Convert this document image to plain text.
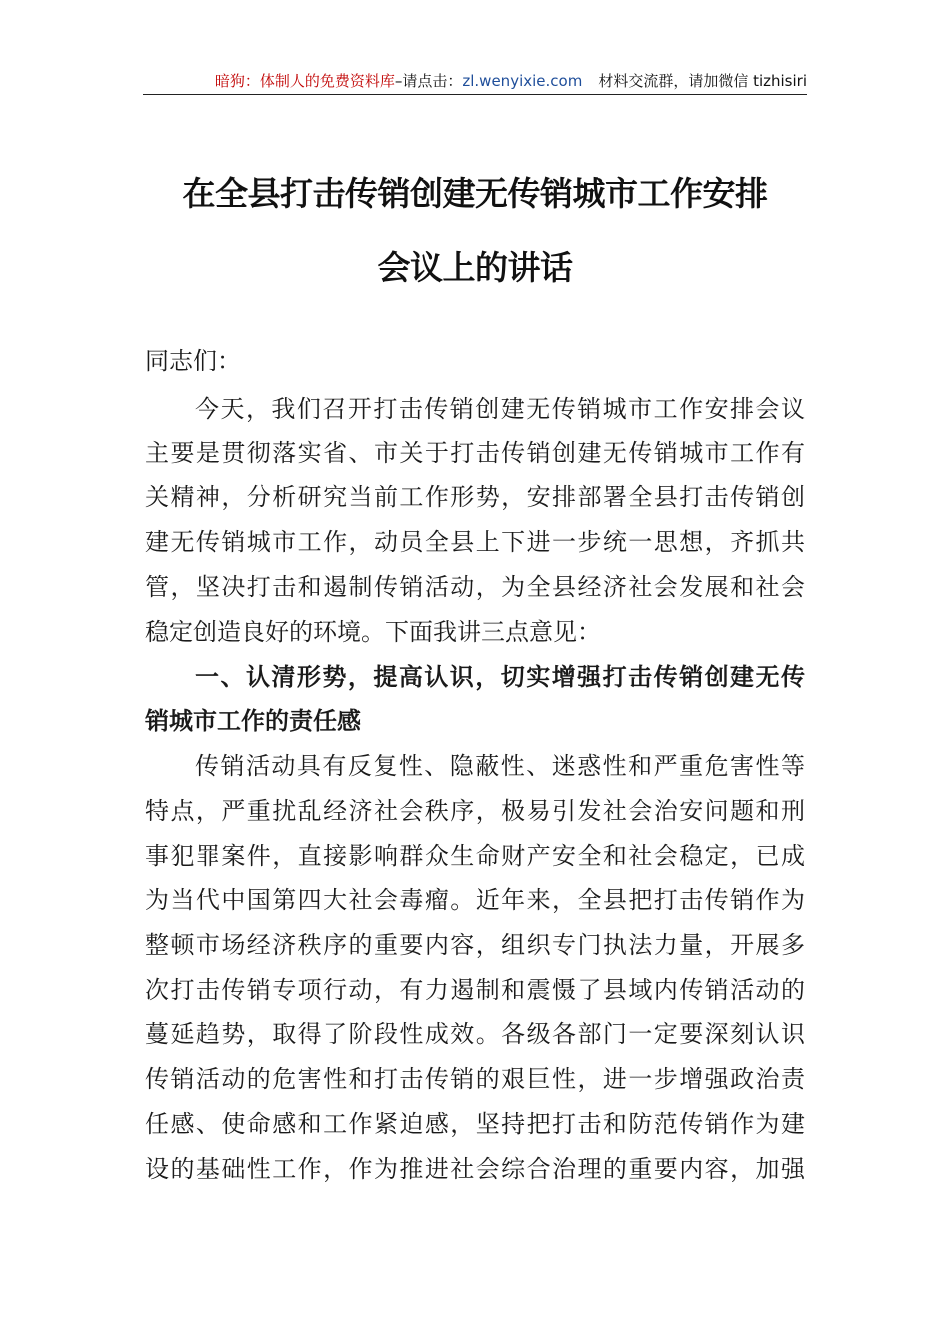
暗狗：体制人的免费资料库–请点击：zl.wenyixie.com 材料交流群，请加微信 tizhisiri
在全县打击传销创建无传销城市工作安排
会议上的讲话
同志们：
今天，我们召开打击传销创建无传销城市工作安排会议
主要是贯彻落实省、市关于打击传销创建无传销城市工作有
关精神，分析研究当前工作形势，安排部署全县打击传销创
建无传销城市工作，动员全县上下进一步统一思想，齐抓共
管，坚决打击和遏制传销活动，为全县经济社会发展和社会
稳定创造良好的环境。下面我讲三点意见：
一、认清形势，提高认识，切实增强打击传销创建无传
销城市工作的责任感
传销活动具有反复性、隐蔽性、迷惑性和严重危害性等
特点，严重扰乱经济社会秩序，极易引发社会治安问题和刑
事犯罪案件，直接影响群众生命财产安全和社会稳定，已成
为当代中国第四大社会毒瘤。近年来，全县把打击传销作为
整顿市场经济秩序的重要内容，组织专门执法力量，开展多
次打击传销专项行动，有力遏制和震慑了县域内传销活动的
蔓延趋势，取得了阶段性成效。各级各部门一定要深刻认识
传销活动的危害性和打击传销的艰巨性，进一步增强政治责
任感、使命感和工作紧迫感，坚持把打击和防范传销作为建
设的基础性工作，作为推进社会综合治理的重要内容，加强
